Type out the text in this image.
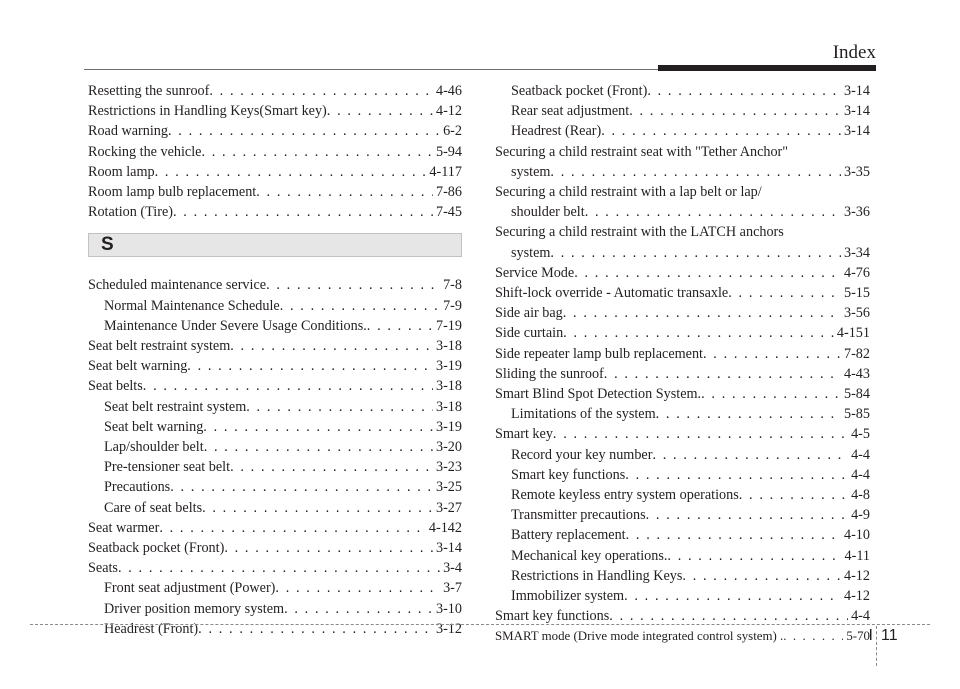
Index
Resetting the sunroof . . .	4-46
Restrictions in Handling Keys(Smart key) . . .	4-12
Road warning . . .	6-2
Rocking the vehicle . . .	5-94
Room lamp . . .	4-117
Room lamp bulb replacement . . .	7-86
Rotation (Tire) . . .	7-45
S
Scheduled maintenance service . . .	7-8
Normal Maintenance Schedule . . .	7-9
Maintenance Under Severe Usage Conditions. . . .	7-19
Seat belt restraint system . . .	3-18
Seat belt warning . . .	3-19
Seat belts . . .	3-18
Seat belt restraint system . . .	3-18
Seat belt warning . . .	3-19
Lap/shoulder belt . . .	3-20
Pre-tensioner seat belt . . .	3-23
Precautions . . .	3-25
Care of seat belts . . .	3-27
Seat warmer . . .	4-142
Seatback pocket (Front) . . .	3-14
Seats . . .	3-4
Front seat adjustment (Power) . . .	3-7
Driver position memory system . . .	3-10
Headrest (Front) . . .	3-12
Seatback pocket (Front) . . .	3-14
Rear seat adjustment . . .	3-14
Headrest (Rear) . . .	3-14
Securing a child restraint seat with "Tether Anchor"
system . . .	3-35
Securing a child restraint with a lap belt or lap/
shoulder belt . . .	3-36
Securing a child restraint with the LATCH anchors
system . . .	3-34
Service Mode . . .	4-76
Shift-lock override - Automatic transaxle . . .	5-15
Side air bag . . .	3-56
Side curtain . . .	4-151
Side repeater lamp bulb replacement . . .	7-82
Sliding the sunroof . . .	4-43
Smart Blind Spot Detection System. . . .	5-84
Limitations of the system . . .	5-85
Smart key . . .	4-5
Record your key number . . .	4-4
Smart key functions . . .	4-4
Remote keyless entry system operations . . .	4-8
Transmitter precautions . . .	4-9
Battery replacement . . .	4-10
Mechanical key operations. . . .	4-11
Restrictions in Handling Keys . . .	4-12
Immobilizer system . . .	4-12
Smart key functions . . .	4-4
SMART mode (Drive mode integrated control system) . . . .	5-70
I 11
